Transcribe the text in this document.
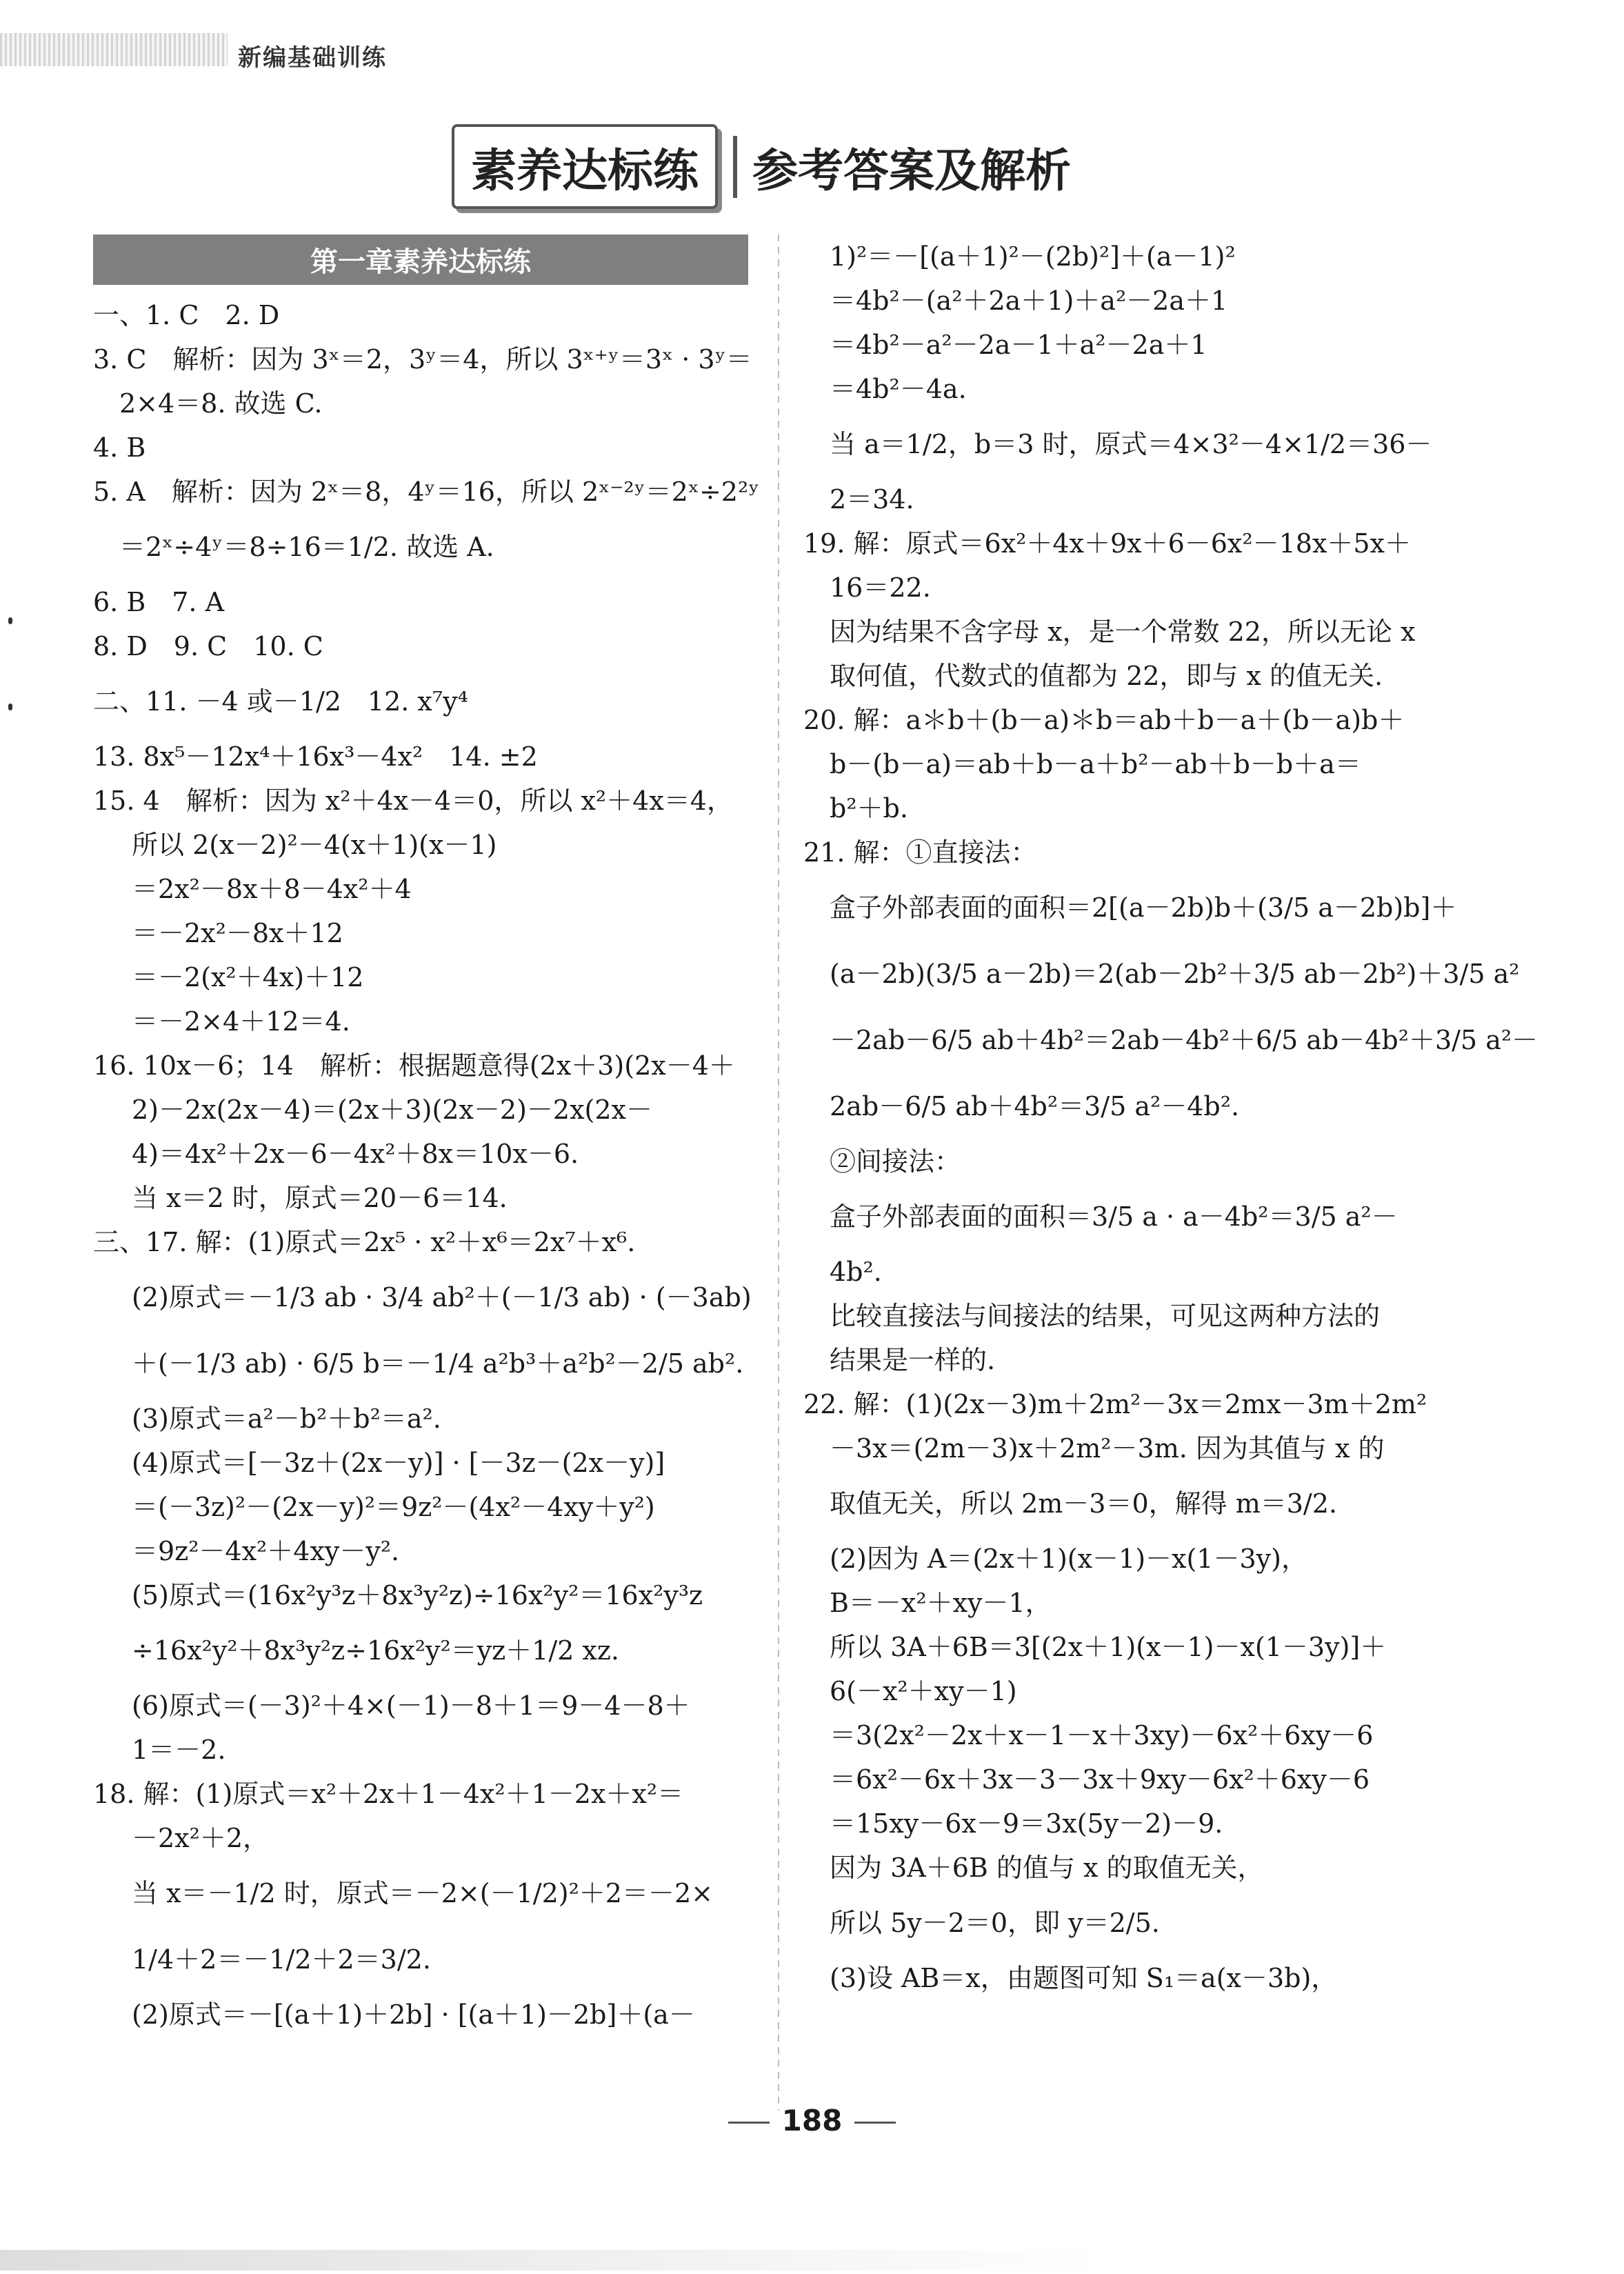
新编基础训练
素养达标练	参考答案及解析
第一章素养达标练
一、1. C　2. D
3. C　解析：因为 3ˣ＝2，3ʸ＝4，所以 3ˣ⁺ʸ＝3ˣ · 3ʸ＝
2×4＝8. 故选 C.
4. B
5. A　解析：因为 2ˣ＝8，4ʸ＝16，所以 2ˣ⁻²ʸ＝2ˣ÷2²ʸ
＝2ˣ÷4ʸ＝8÷16＝1/2. 故选 A.
6. B　7. A
8. D　9. C　10. C
二、11. －4 或－1/2　12. x⁷y⁴
13. 8x⁵－12x⁴＋16x³－4x²　14. ±2
15. 4　解析：因为 x²＋4x－4＝0，所以 x²＋4x＝4，
所以 2(x－2)²－4(x＋1)(x－1)
＝2x²－8x＋8－4x²＋4
＝－2x²－8x＋12
＝－2(x²＋4x)＋12
＝－2×4＋12＝4.
16. 10x－6；14　解析：根据题意得(2x＋3)(2x－4＋
2)－2x(2x－4)＝(2x＋3)(2x－2)－2x(2x－
4)＝4x²＋2x－6－4x²＋8x＝10x－6.
当 x＝2 时，原式＝20－6＝14.
三、17. 解：(1)原式＝2x⁵ · x²＋x⁶＝2x⁷＋x⁶.
(2)原式＝－1/3 ab · 3/4 ab²＋(－1/3 ab) · (－3ab)
＋(－1/3 ab) · 6/5 b＝－1/4 a²b³＋a²b²－2/5 ab².
(3)原式＝a²－b²＋b²＝a².
(4)原式＝[－3z＋(2x－y)] · [－3z－(2x－y)]
＝(－3z)²－(2x－y)²＝9z²－(4x²－4xy＋y²)
＝9z²－4x²＋4xy－y².
(5)原式＝(16x²y³z＋8x³y²z)÷16x²y²＝16x²y³z
÷16x²y²＋8x³y²z÷16x²y²＝yz＋1/2 xz.
(6)原式＝(－3)²＋4×(－1)－8＋1＝9－4－8＋
1＝－2.
18. 解：(1)原式＝x²＋2x＋1－4x²＋1－2x＋x²＝
－2x²＋2，
当 x＝－1/2 时，原式＝－2×(－1/2)²＋2＝－2×
1/4＋2＝－1/2＋2＝3/2.
(2)原式＝－[(a＋1)＋2b] · [(a＋1)－2b]＋(a－
1)²＝－[(a＋1)²－(2b)²]＋(a－1)²
＝4b²－(a²＋2a＋1)＋a²－2a＋1
＝4b²－a²－2a－1＋a²－2a＋1
＝4b²－4a.
当 a＝1/2，b＝3 时，原式＝4×3²－4×1/2＝36－
2＝34.
19. 解：原式＝6x²＋4x＋9x＋6－6x²－18x＋5x＋
16＝22.
因为结果不含字母 x，是一个常数 22，所以无论 x
取何值，代数式的值都为 22，即与 x 的值无关.
20. 解：a＊b＋(b－a)＊b＝ab＋b－a＋(b－a)b＋
b－(b－a)＝ab＋b－a＋b²－ab＋b－b＋a＝
b²＋b.
21. 解：①直接法：
盒子外部表面的面积＝2[(a－2b)b＋(3/5 a－2b)b]＋
(a－2b)(3/5 a－2b)＝2(ab－2b²＋3/5 ab－2b²)＋3/5 a²
－2ab－6/5 ab＋4b²＝2ab－4b²＋6/5 ab－4b²＋3/5 a²－
2ab－6/5 ab＋4b²＝3/5 a²－4b².
②间接法：
盒子外部表面的面积＝3/5 a · a－4b²＝3/5 a²－
4b².
比较直接法与间接法的结果，可见这两种方法的
结果是一样的.
22. 解：(1)(2x－3)m＋2m²－3x＝2mx－3m＋2m²
－3x＝(2m－3)x＋2m²－3m. 因为其值与 x 的
取值无关，所以 2m－3＝0，解得 m＝3/2.
(2)因为 A＝(2x＋1)(x－1)－x(1－3y)，
B＝－x²＋xy－1，
所以 3A＋6B＝3[(2x＋1)(x－1)－x(1－3y)]＋
6(－x²＋xy－1)
＝3(2x²－2x＋x－1－x＋3xy)－6x²＋6xy－6
＝6x²－6x＋3x－3－3x＋9xy－6x²＋6xy－6
＝15xy－6x－9＝3x(5y－2)－9.
因为 3A＋6B 的值与 x 的取值无关，
所以 5y－2＝0，即 y＝2/5.
(3)设 AB＝x，由题图可知 S₁＝a(x－3b)，
188
